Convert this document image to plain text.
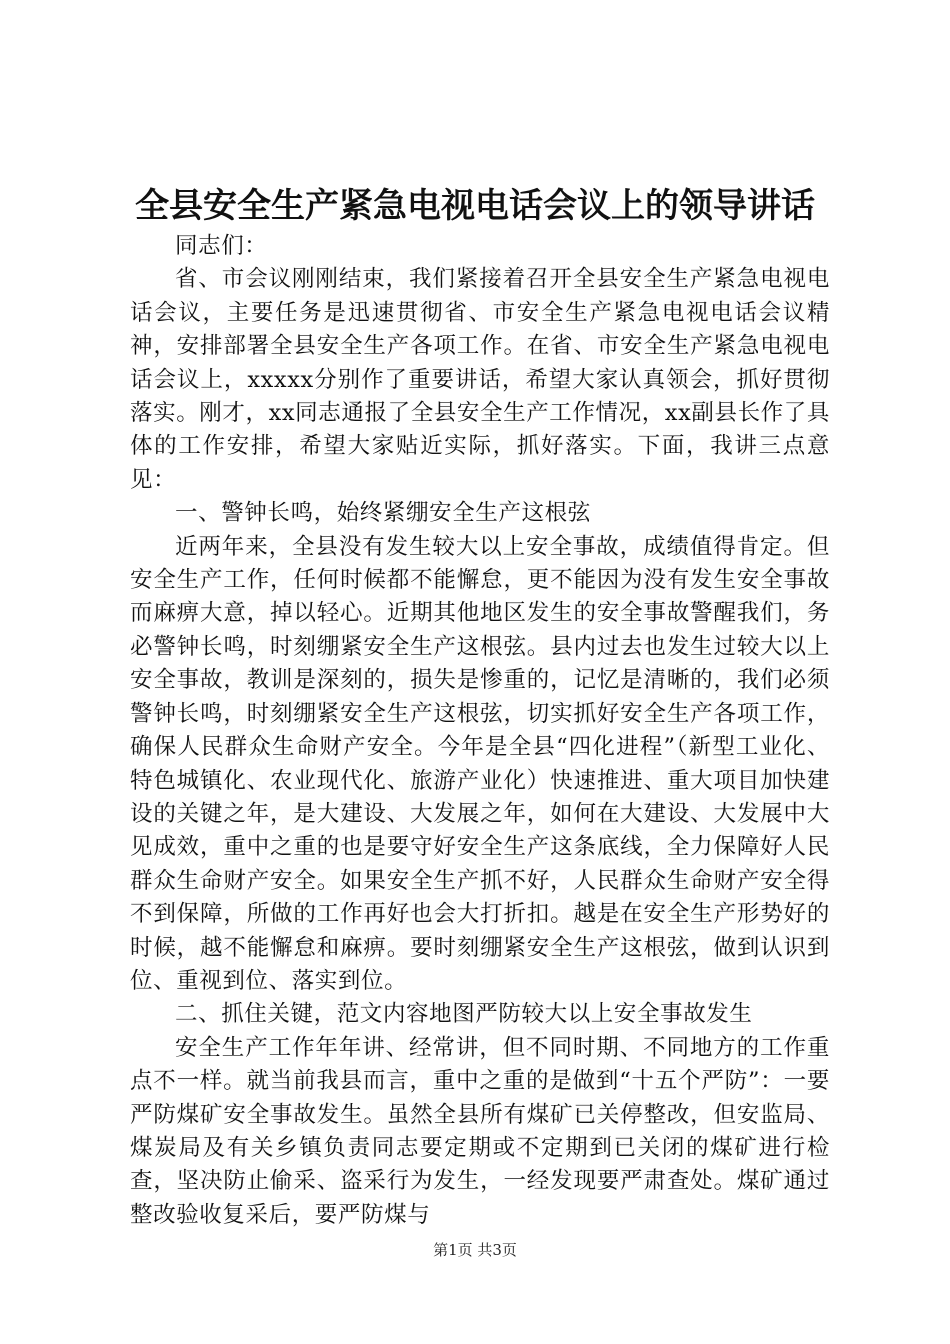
全县安全生产紧急电视电话会议上的领导讲话

同志们：

省、市会议刚刚结束，我们紧接着召开全县安全生产紧急电视电话会议，主要任务是迅速贯彻省、市安全生产紧急电视电话会议精神，安排部署全县安全生产各项工作。在省、市安全生产紧急电视电话会议上，xxxxx分别作了重要讲话，希望大家认真领会，抓好贯彻落实。刚才，xx同志通报了全县安全生产工作情况，xx副县长作了具体的工作安排，希望大家贴近实际，抓好落实。下面，我讲三点意见：

一、警钟长鸣，始终紧绷安全生产这根弦

近两年来，全县没有发生较大以上安全事故，成绩值得肯定。但安全生产工作，任何时候都不能懈怠，更不能因为没有发生安全事故而麻痹大意，掉以轻心。近期其他地区发生的安全事故警醒我们，务必警钟长鸣，时刻绷紧安全生产这根弦。县内过去也发生过较大以上安全事故，教训是深刻的，损失是惨重的，记忆是清晰的，我们必须警钟长鸣，时刻绷紧安全生产这根弦，切实抓好安全生产各项工作，确保人民群众生命财产安全。今年是全县“四化进程”（新型工业化、特色城镇化、农业现代化、旅游产业化）快速推进、重大项目加快建设的关键之年，是大建设、大发展之年，如何在大建设、大发展中大见成效，重中之重的也是要守好安全生产这条底线，全力保障好人民群众生命财产安全。如果安全生产抓不好，人民群众生命财产安全得不到保障，所做的工作再好也会大打折扣。越是在安全生产形势好的时候，越不能懈怠和麻痹。要时刻绷紧安全生产这根弦，做到认识到位、重视到位、落实到位。

二、抓住关键，范文内容地图严防较大以上安全事故发生

安全生产工作年年讲、经常讲，但不同时期、不同地方的工作重点不一样。就当前我县而言，重中之重的是做到“十五个严防”：一要严防煤矿安全事故发生。虽然全县所有煤矿已关停整改，但安监局、煤炭局及有关乡镇负责同志要定期或不定期到已关闭的煤矿进行检查，坚决防止偷采、盗采行为发生，一经发现要严肃查处。煤矿通过整改验收复采后，要严防煤与

第1页 共3页
